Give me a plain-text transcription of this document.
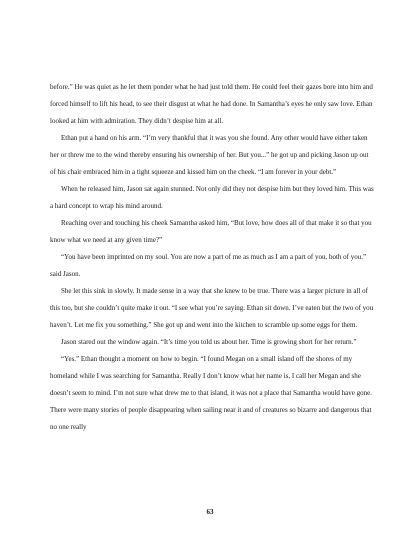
before.” He was quiet as he let them ponder what he had just told them. He could feel their gazes bore into him and forced himself to lift his head, to see their disgust at what he had done. In Samantha’s eyes he only saw love. Ethan looked at him with admiration. They didn’t despise him at all.

Ethan put a hand on his arm. “I’m very thankful that it was you she found. Any other would have either taken her or threw me to the wind thereby ensuring his ownership of her. But you...” he got up and picking Jason up out of his chair embraced him in a tight squeeze and kissed him on the cheek. “I am forever in your debt.”

When he released him, Jason sat again stunned. Not only did they not despise him but they loved him. This was a hard concept to wrap his mind around.

Reaching over and touching his cheek Samantha asked him, “But love, how does all of that make it so that you know what we need at any given time?”

“You have been imprinted on my soul. You are now a part of me as much as I am a part of you, both of you.” said Jason.

She let this sink in slowly. It made sense in a way that she knew to be true. There was a larger picture in all of this too, but she couldn’t quite make it out. “I see what you’re saying. Ethan sit down. I’ve eaten but the two of you haven’t. Let me fix you something.” She got up and went into the kitchen to scramble up some eggs for them.

Jason stared out the window again. “It’s time you told us about her. Time is growing short for her return.”

“Yes.” Ethan thought a moment on how to begin. “I found Megan on a small island off the shores of my homeland while I was searching for Samantha. Really I don’t know what her name is, I call her Megan and she doesn’t seem to mind. I’m not sure what drew me to that island, it was not a place that Samantha would have gone. There were many stories of people disappearing when sailing near it and of creatures so bizarre and dangerous that no one really

63
